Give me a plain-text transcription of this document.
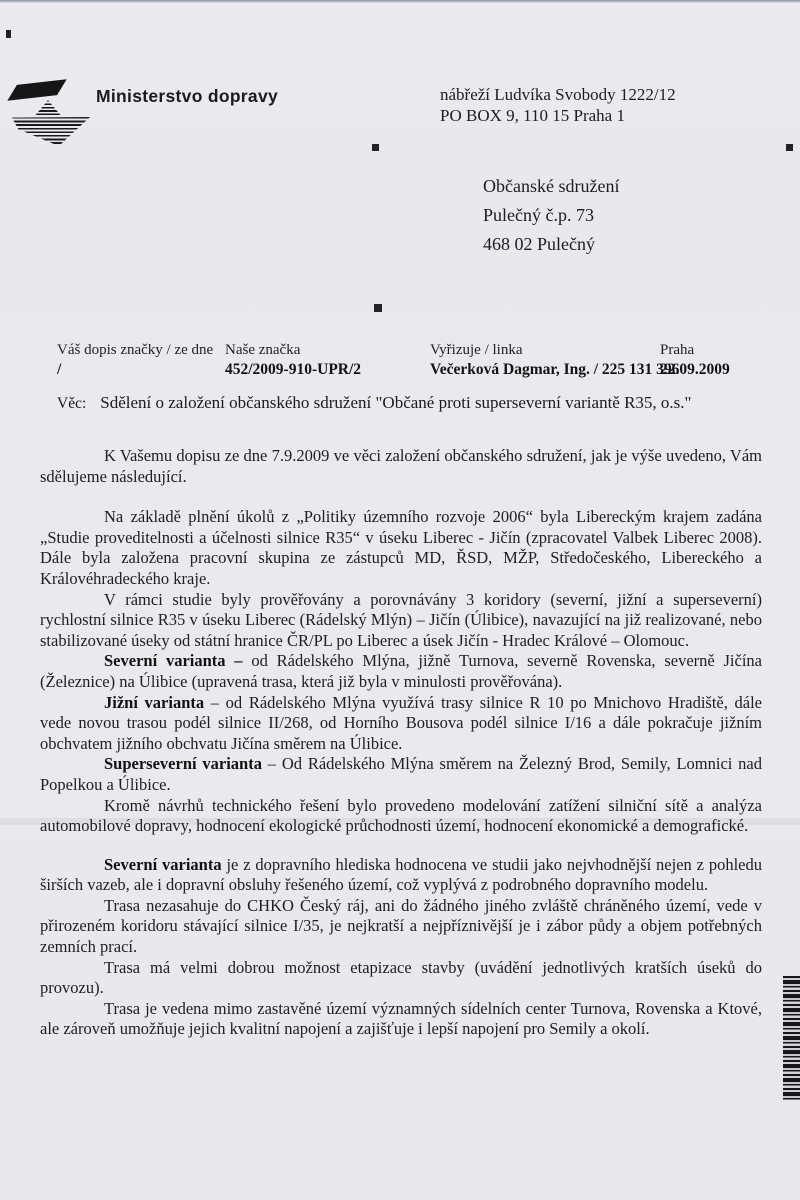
Ministerstvo dopravy	nábřeží Ludvíka Svobody 1222/12
PO BOX 9, 110 15 Praha 1
Občanské sdružení
Pulečný č.p. 73
468 02 Pulečný
Váš dopis značky / ze dne
/
Naše značka
452/2009-910-UPR/2
Vyřizuje / linka
Večerková Dagmar, Ing. / 225 131 396
Praha
22.09.2009
Věc: Sdělení o založení občanského sdružení "Občané proti superseverní variantě R35, o.s."

K Vašemu dopisu ze dne 7.9.2009 ve věci založení občanského sdružení, jak je výše uvedeno, Vám sdělujeme následující.

Na základě plnění úkolů z „Politiky územního rozvoje 2006“ byla Libereckým krajem zadána „Studie proveditelnosti a účelnosti silnice R35“ v úseku Liberec - Jičín (zpracovatel Valbek Liberec 2008). Dále byla založena pracovní skupina ze zástupců MD, ŘSD, MŽP, Středočeského, Libereckého a Královéhradeckého kraje.

V rámci studie byly prověřovány a porovnávány 3 koridory (severní, jižní a superseverní) rychlostní silnice R35 v úseku Liberec (Rádelský Mlýn) – Jičín (Úlibice), navazující na již realizované, nebo stabilizované úseky od státní hranice ČR/PL po Liberec a úsek Jičín - Hradec Králové – Olomouc.

Severní varianta – od Rádelského Mlýna, jižně Turnova, severně Rovenska, severně Jičína (Železnice) na Úlibice (upravená trasa, která již byla v minulosti prověřována).

Jižní varianta – od Rádelského Mlýna využívá trasy silnice R 10 po Mnichovo Hradiště, dále vede novou trasou podél silnice II/268, od Horního Bousova podél silnice I/16 a dále pokračuje jižním obchvatem jižního obchvatu Jičína směrem na Úlibice.

Superseverní varianta – Od Rádelského Mlýna směrem na Železný Brod, Semily, Lomnici nad Popelkou a Úlibice.

Kromě návrhů technického řešení bylo provedeno modelování zatížení silniční sítě a analýza automobilové dopravy, hodnocení ekologické průchodnosti území, hodnocení ekonomické a demografické.

Severní varianta je z dopravního hlediska hodnocena ve studii jako nejvhodnější nejen z pohledu širších vazeb, ale i dopravní obsluhy řešeného území, což vyplývá z podrobného dopravního modelu.

Trasa nezasahuje do CHKO Český ráj, ani do žádného jiného zvláště chráněného území, vede v přirozeném koridoru stávající silnice I/35, je nejkratší a nejpříznivější je i zábor půdy a objem potřebných zemních prací.

Trasa má velmi dobrou možnost etapizace stavby (uvádění jednotlivých kratších úseků do provozu).

Trasa je vedena mimo zastavěné území významných sídelních center Turnova, Rovenska a Ktové, ale zároveň umožňuje jejich kvalitní napojení a zajišťuje i lepší napojení pro Semily a okolí.
